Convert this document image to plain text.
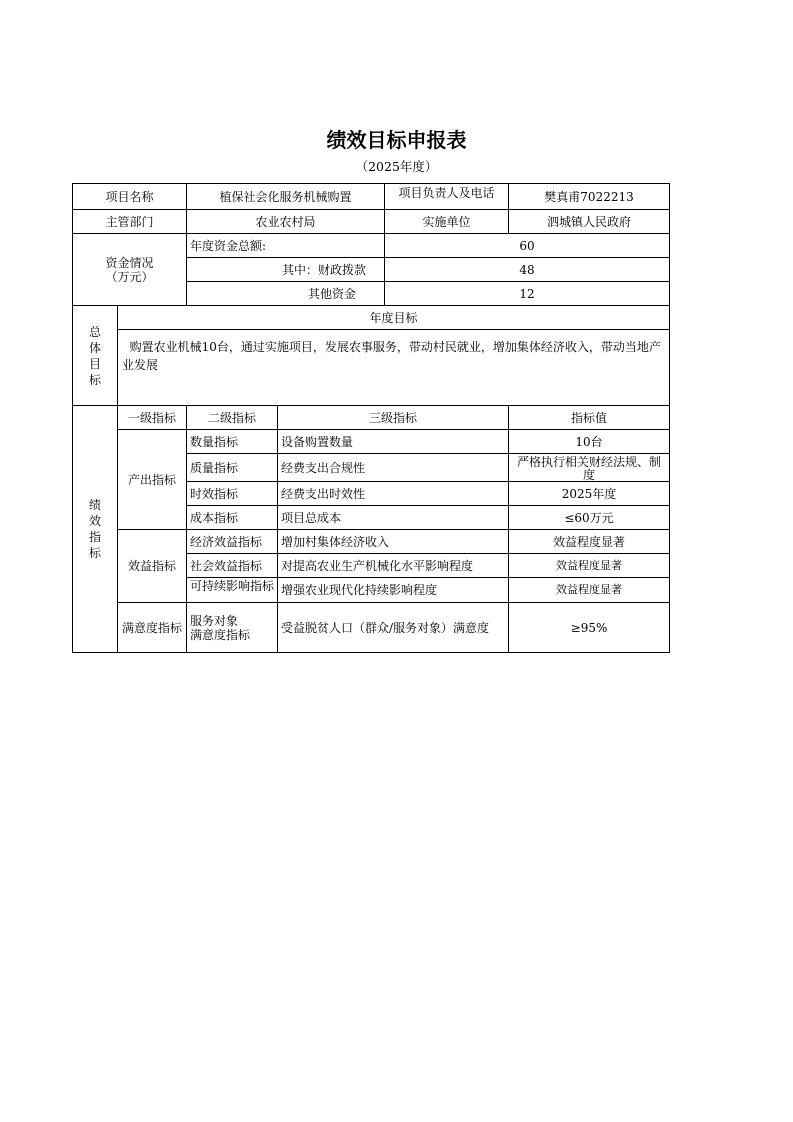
绩效目标申报表
（2025年度）
项目名称		植保社会化服务机械购置		项目负责人及电话	樊真甫7022213
主管部门		农业农村局		实施单位	泗城镇人民政府

资金情况
（万元）		年度资金总额:		60	
		其中：财政拨款		48	
		其他资金		12	

总
体
目
标	年度目标				
	购置农业机械10台，通过实施项目，发展农事服务，带动村民就业，增加集体经济收入，带动当地产业发展				

绩
效
指
标	一级指标	二级指标	三级指标		指标值
	产出指标	数量指标	设备购置数量		10台
		质量指标	经费支出合规性		严格执行相关财经法规、制度

		时效指标	经费支出时效性		2025年度
		成本指标	项目总成本		≤60万元
	效益指标	经济效益指标	增加村集体经济收入		效益程度显著
		社会效益指标	对提高农业生产机械化水平影响程度		效益程度显著

可持续影响指标	增强农业现代化持续影响程度		效益程度显著
	满意度指标	服务对象
满意度指标	受益脱贫人口（群众/服务对象）满意度		≥95%
